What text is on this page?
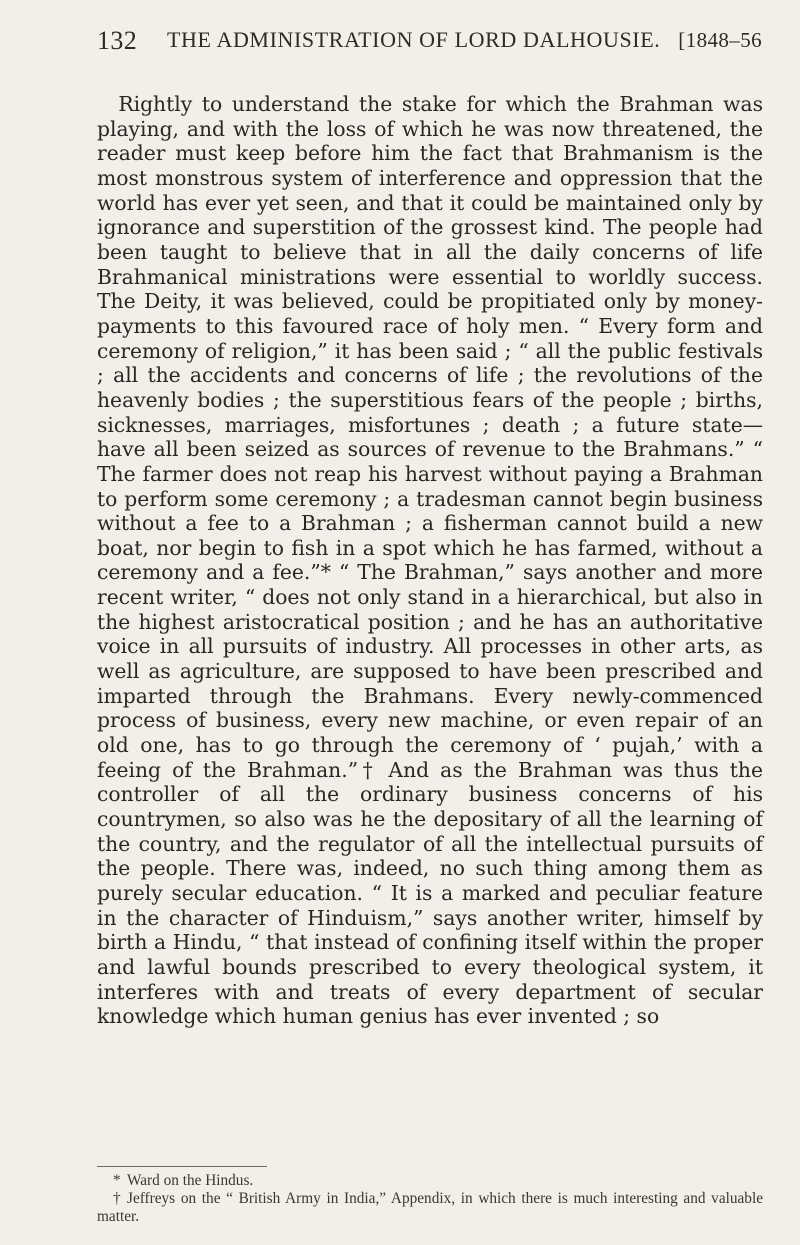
132 THE ADMINISTRATION OF LORD DALHOUSIE. [1848–56

Rightly to understand the stake for which the Brahman was playing, and with the loss of which he was now threatened, the reader must keep before him the fact that Brahmanism is the most monstrous system of interference and oppression that the world has ever yet seen, and that it could be maintained only by ignorance and superstition of the grossest kind. The people had been taught to believe that in all the daily concerns of life Brahmanical ministrations were essential to worldly success. The Deity, it was believed, could be propitiated only by money-payments to this favoured race of holy men. “ Every form and ceremony of religion,” it has been said ; “ all the public festivals ; all the accidents and concerns of life ; the revolutions of the heavenly bodies ; the superstitious fears of the people ; births, sicknesses, marriages, misfortunes ; death ; a future state—have all been seized as sources of revenue to the Brahmans.” “ The farmer does not reap his harvest without paying a Brahman to perform some ceremony ; a tradesman cannot begin business without a fee to a Brahman ; a fisherman cannot build a new boat, nor begin to fish in a spot which he has farmed, without a ceremony and a fee.”* “ The Brahman,” says another and more recent writer, “ does not only stand in a hierarchical, but also in the highest aristocratical position ; and he has an authoritative voice in all pursuits of industry. All processes in other arts, as well as agriculture, are supposed to have been prescribed and imparted through the Brahmans. Every newly-commenced process of business, every new machine, or even repair of an old one, has to go through the ceremony of ‘ pujah,’ with a feeing of the Brahman.”† And as the Brahman was thus the controller of all the ordinary business concerns of his countrymen, so also was he the depositary of all the learning of the country, and the regulator of all the intellectual pursuits of the people. There was, indeed, no such thing among them as purely secular education. “ It is a marked and peculiar feature in the character of Hinduism,” says another writer, himself by birth a Hindu, “ that instead of confining itself within the proper and lawful bounds prescribed to every theological system, it interferes with and treats of every department of secular knowledge which human genius has ever invented ; so

* Ward on the Hindus.

† Jeffreys on the “ British Army in India,” Appendix, in which there is much interesting and valuable matter.
